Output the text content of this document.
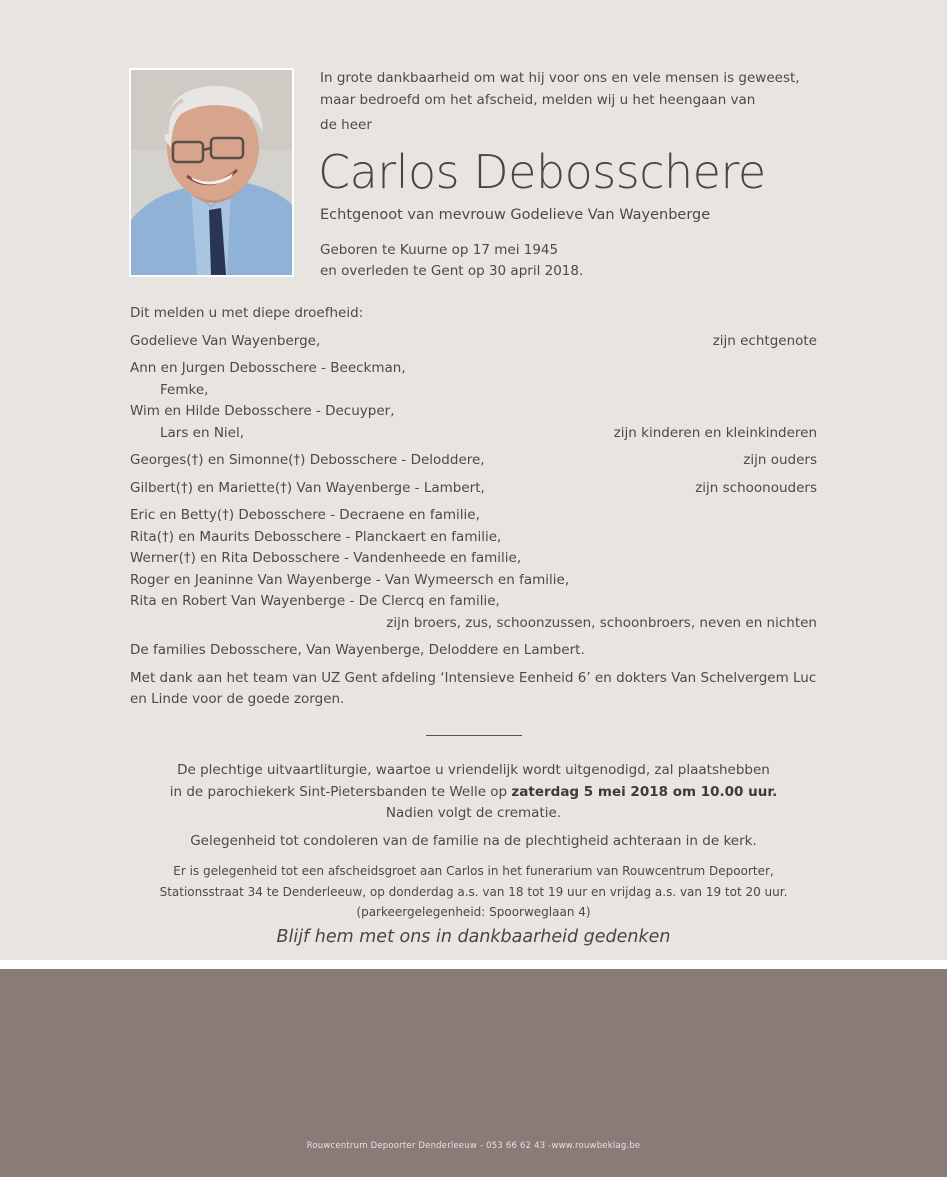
In grote dankbaarheid om wat hij voor ons en vele mensen is geweest,
maar bedroefd om het afscheid, melden wij u het heengaan van
de heer
Carlos Debosschere
Echtgenoot van mevrouw Godelieve Van Wayenberge
Geboren te Kuurne op 17 mei 1945
en overleden te Gent op 30 april 2018.
Dit melden u met diepe droefheid:
Godelieve Van Wayenberge,	zijn echtgenote
Ann en Jurgen Debosschere - Beeckman,
Femke,
Wim en Hilde Debosschere - Decuyper,
Lars en Niel,	zijn kinderen en kleinkinderen
Georges(†) en Simonne(†) Debosschere - Deloddere,	zijn ouders
Gilbert(†) en Mariette(†) Van Wayenberge - Lambert,	zijn schoonouders
Eric en Betty(†) Debosschere - Decraene en familie,
Rita(†) en Maurits Debosschere - Planckaert en familie,
Werner(†) en Rita Debosschere - Vandenheede en familie,
Roger en Jeaninne Van Wayenberge - Van Wymeersch en familie,
Rita en Robert Van Wayenberge - De Clercq en familie,
zijn broers, zus, schoonzussen, schoonbroers, neven en nichten
De families Debosschere, Van Wayenberge, Deloddere en Lambert.
Met dank aan het team van UZ Gent afdeling ‘Intensieve Eenheid 6’ en dokters Van Schelvergem Luc
en Linde voor de goede zorgen.
De plechtige uitvaartliturgie, waartoe u vriendelijk wordt uitgenodigd, zal plaatshebben
in de parochiekerk Sint-Pietersbanden te Welle op zaterdag 5 mei 2018 om 10.00 uur.
Nadien volgt de crematie.
Gelegenheid tot condoleren van de familie na de plechtigheid achteraan in de kerk.
Er is gelegenheid tot een afscheidsgroet aan Carlos in het funerarium van Rouwcentrum Depoorter,
Stationsstraat 34 te Denderleeuw, op donderdag a.s. van 18 tot 19 uur en vrijdag a.s. van 19 tot 20 uur.
(parkeergelegenheid: Spoorweglaan 4)
Blijf hem met ons in dankbaarheid gedenken
Rouwcentrum Depoorter Denderleeuw - 053 66 62 43 -www.rouwbeklag.be
